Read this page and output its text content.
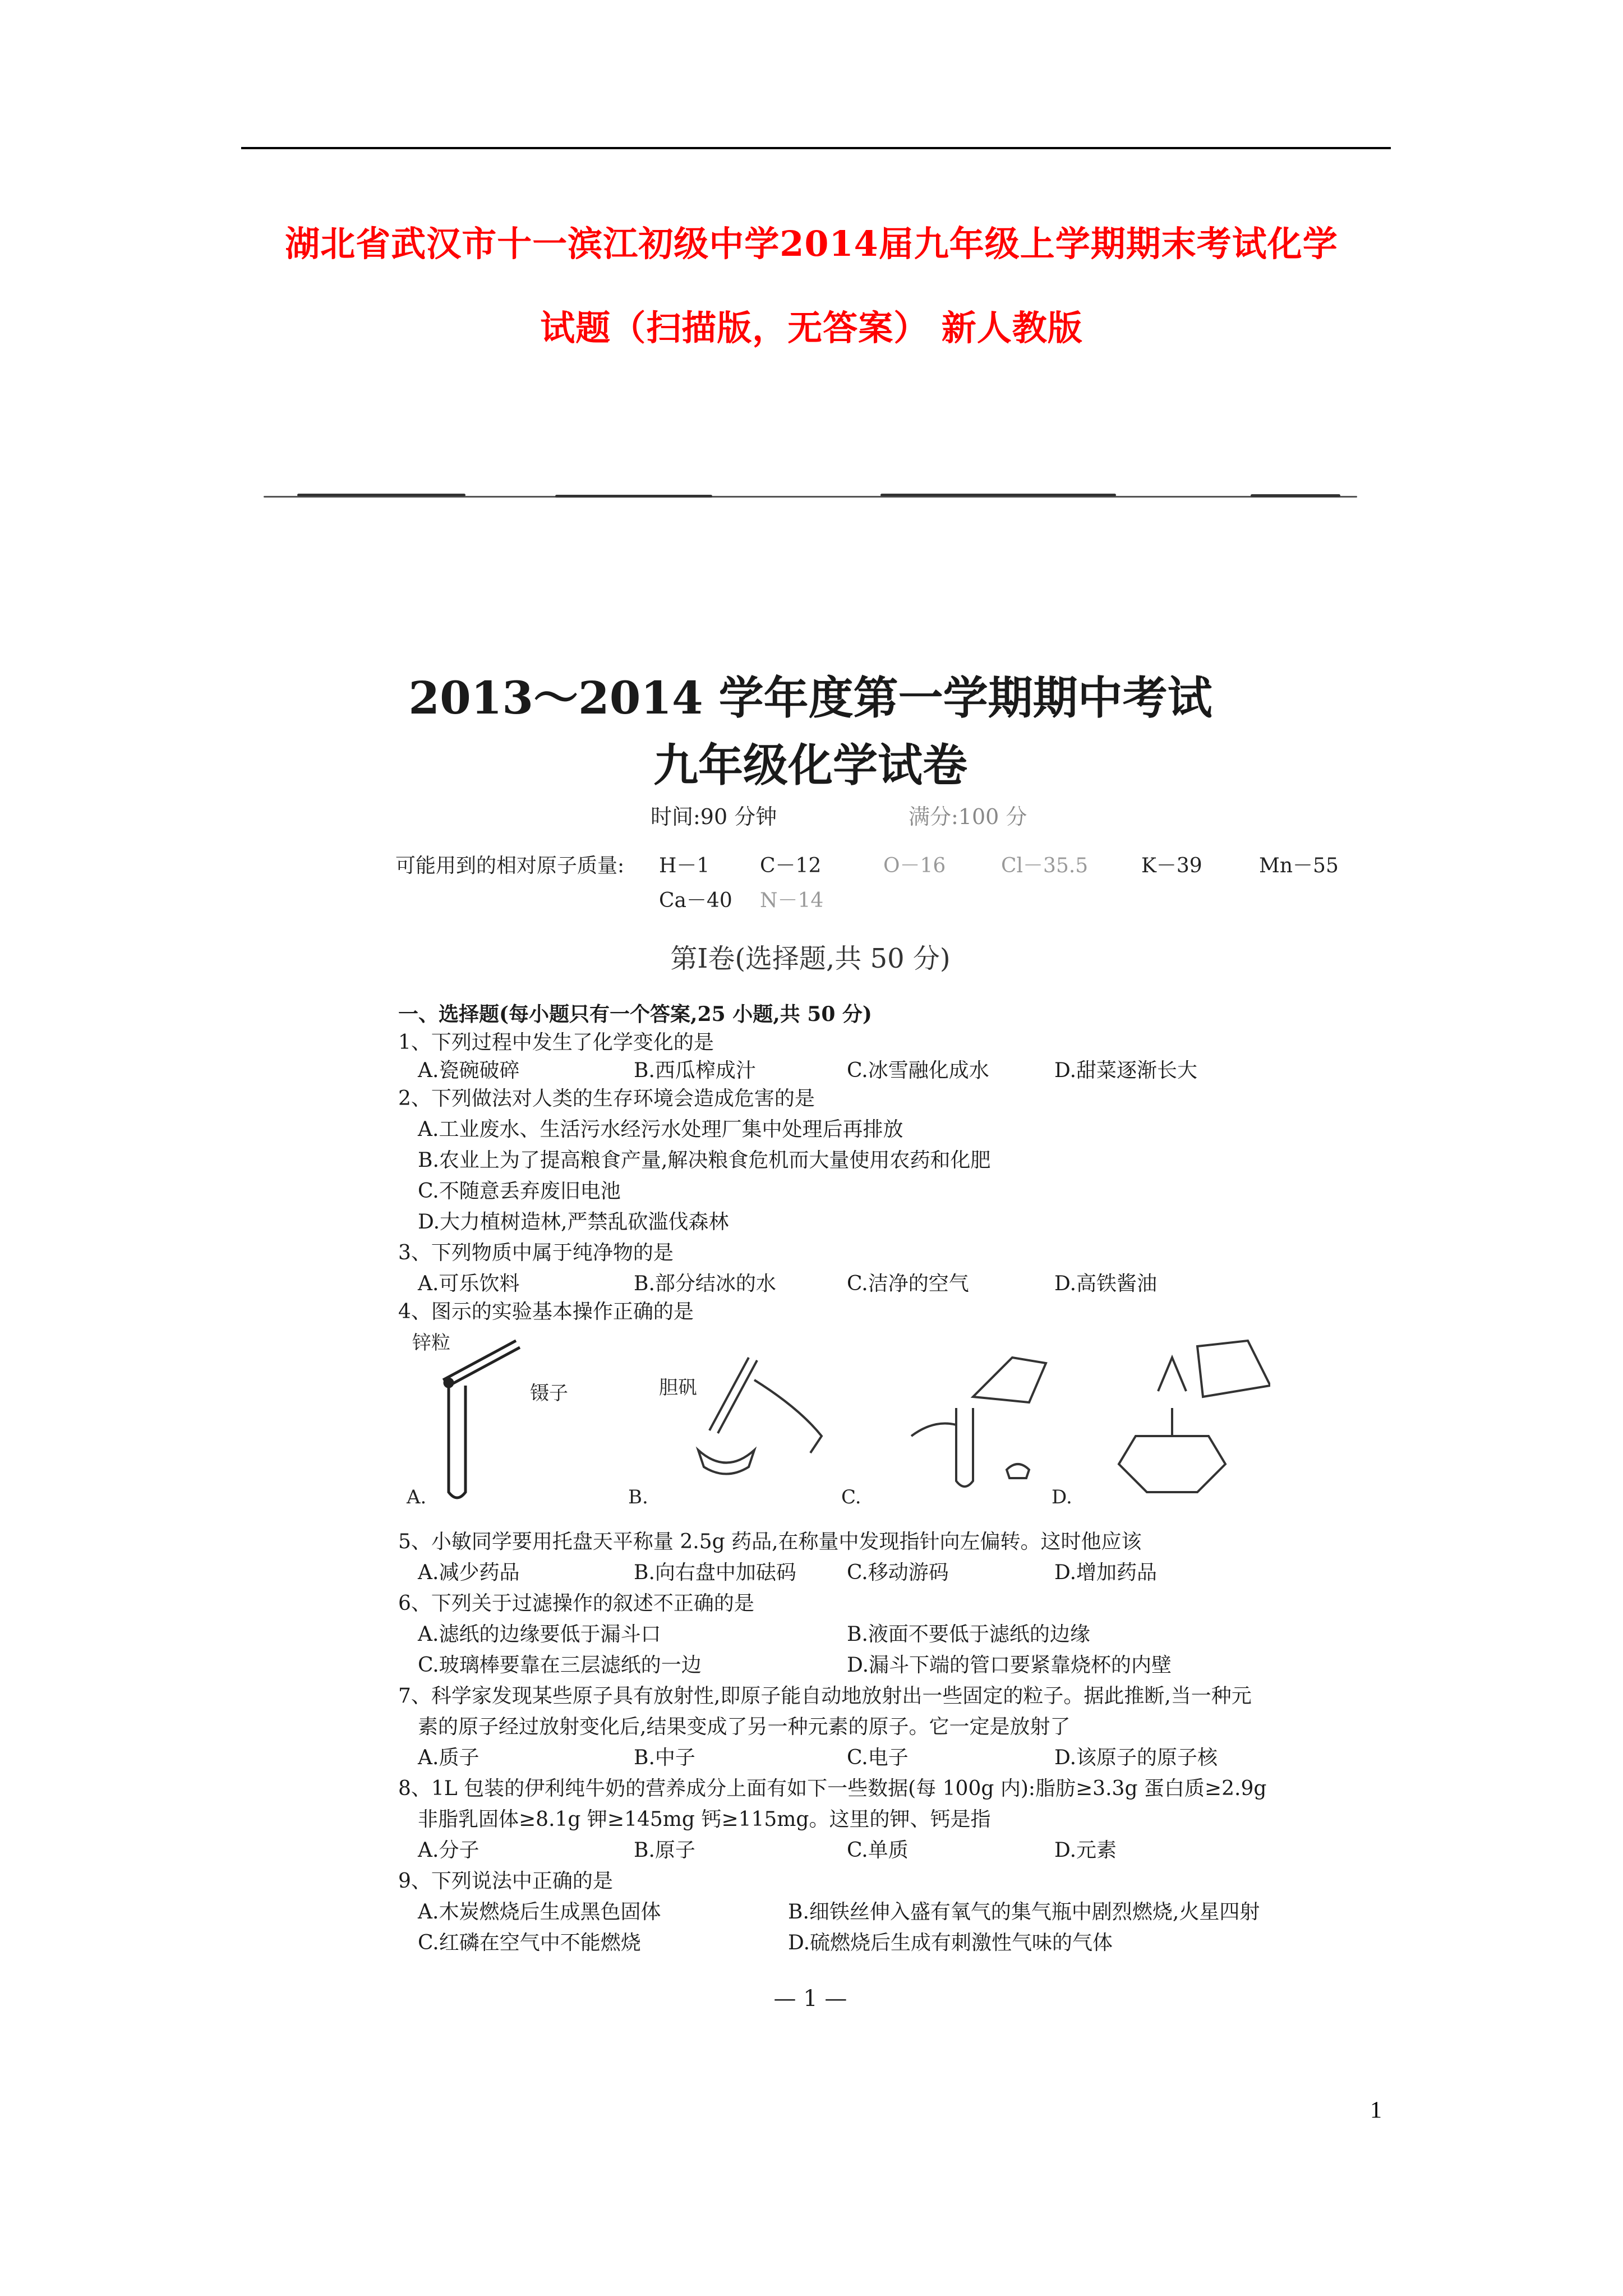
湖北省武汉市十一滨江初级中学2014届九年级上学期期末考试化学
试题（扫描版，无答案） 新人教版
2013～2014 学年度第一学期期中考试
九年级化学试卷
时间:90 分钟	满分:100 分
可能用到的相对原子质量: H－1 C－12	O－16	Cl－35.5	K－39	Mn－55
Ca－40 N－14
第Ⅰ卷(选择题,共 50 分)
一、选择题(每小题只有一个答案,25 小题,共 50 分)
1、下列过程中发生了化学变化的是
A.瓷碗破碎	B.西瓜榨成汁	C.冰雪融化成水	D.甜菜逐渐长大
2、下列做法对人类的生存环境会造成危害的是
A.工业废水、生活污水经污水处理厂集中处理后再排放
B.农业上为了提高粮食产量,解决粮食危机而大量使用农药和化肥
C.不随意丢弃废旧电池
D.大力植树造林,严禁乱砍滥伐森林
3、下列物质中属于纯净物的是
A.可乐饮料	B.部分结冰的水	C.洁净的空气	D.高铁酱油
4、图示的实验基本操作正确的是
锌粒
镊子	胆矾
A.	B.	C.	D.
5、小敏同学要用托盘天平称量 2.5g 药品,在称量中发现指针向左偏转。这时他应该
A.减少药品	B.向右盘中加砝码	C.移动游码	D.增加药品
6、下列关于过滤操作的叙述不正确的是
A.滤纸的边缘要低于漏斗口	B.液面不要低于滤纸的边缘
C.玻璃棒要靠在三层滤纸的一边	D.漏斗下端的管口要紧靠烧杯的内壁
7、科学家发现某些原子具有放射性,即原子能自动地放射出一些固定的粒子。据此推断,当一种元
素的原子经过放射变化后,结果变成了另一种元素的原子。它一定是放射了
A.质子	B.中子	C.电子	D.该原子的原子核
8、1L 包装的伊利纯牛奶的营养成分上面有如下一些数据(每 100g 内):脂肪≥3.3g 蛋白质≥2.9g
非脂乳固体≥8.1g 钾≥145mg 钙≥115mg。这里的钾、钙是指
A.分子	B.原子	C.单质	D.元素
9、下列说法中正确的是
A.木炭燃烧后生成黑色固体	B.细铁丝伸入盛有氧气的集气瓶中剧烈燃烧,火星四射
C.红磷在空气中不能燃烧	D.硫燃烧后生成有刺激性气味的气体
— 1 —
1
